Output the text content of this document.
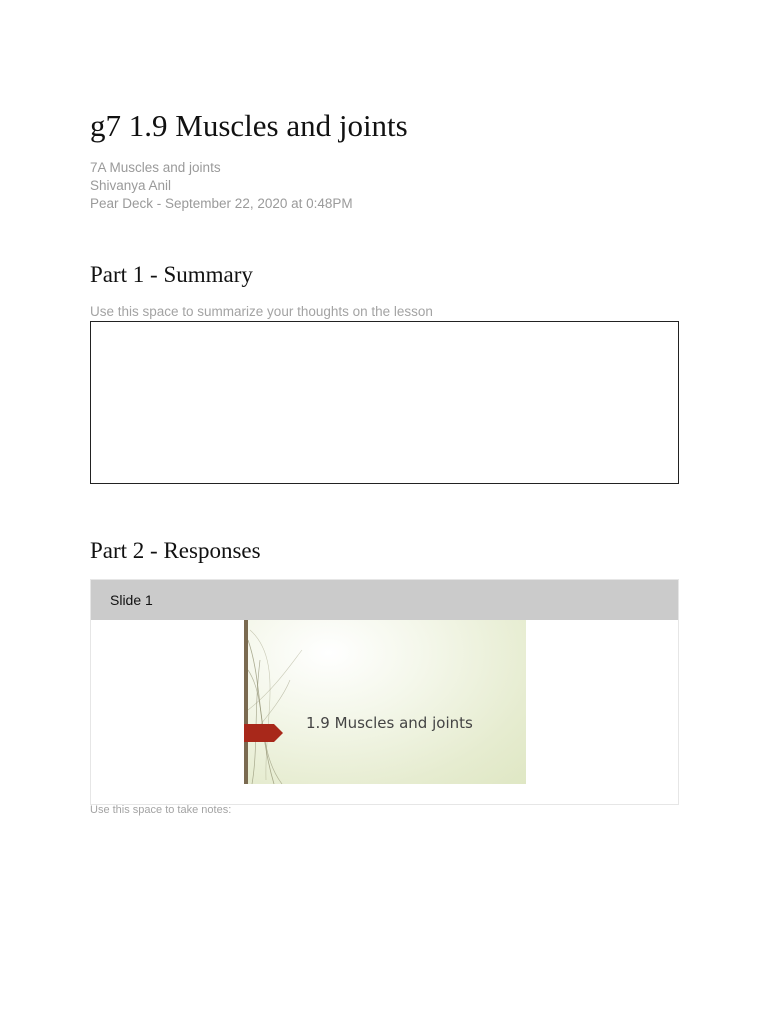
g7 1.9 Muscles and joints
7A Muscles and joints
Shivanya Anil
Pear Deck - September 22, 2020 at 0:48PM
Part 1 - Summary
Use this space to summarize your thoughts on the lesson
Part 2 - Responses
Slide 1
1.9 Muscles and joints
Use this space to take notes:
